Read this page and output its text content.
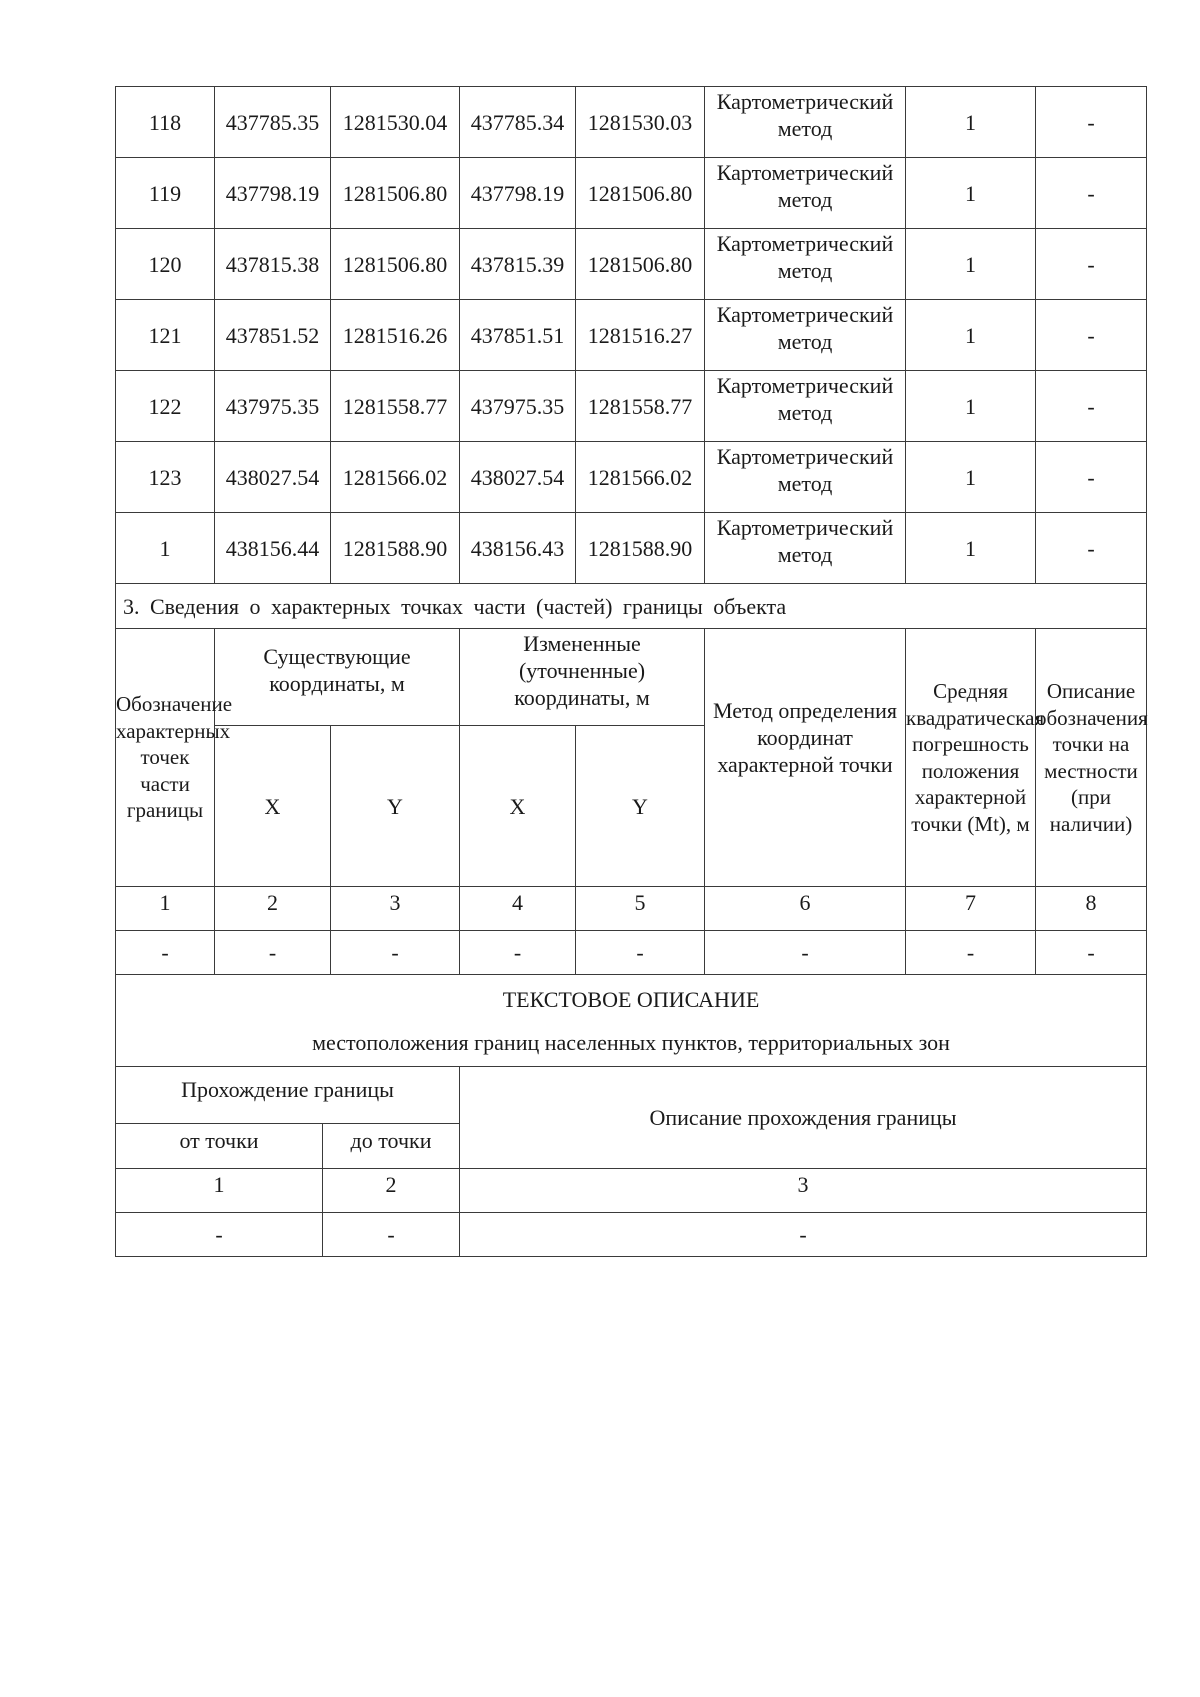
118	437785.35	1281530.04	437785.34	1281530.03	Картометрический метод	1	-
119	437798.19	1281506.80	437798.19	1281506.80	Картометрический метод	1	-
120	437815.38	1281506.80	437815.39	1281506.80	Картометрический метод	1	-
121	437851.52	1281516.26	437851.51	1281516.27	Картометрический метод	1	-
122	437975.35	1281558.77	437975.35	1281558.77	Картометрический метод	1	-
123	438027.54	1281566.02	438027.54	1281566.02	Картометрический метод	1	-
1	438156.44	1281588.90	438156.43	1281588.90	Картометрический метод	1	-
3. Сведения о характерных точках части (частей) границы объекта							
Обозначение характерных точек части границы	Существующие координаты, м		Измененные (уточненные) координаты, м		Метод определения координат характерной точки	Средняя квадратическая погрешность положения характерной точки (Mt), м	Описание обозначения точки на местности (при наличии)
	X	Y	X	Y			
1	2	3	4	5	6	7	8
-	-	-	-	-	-	-	-
ТЕКСТОВОЕ ОПИСАНИЕ
местоположения границ населенных пунктов, территориальных зон		
Прохождение границы		Описание прохождения границы
от точки	до точки	
1	2	3
-	-	-
